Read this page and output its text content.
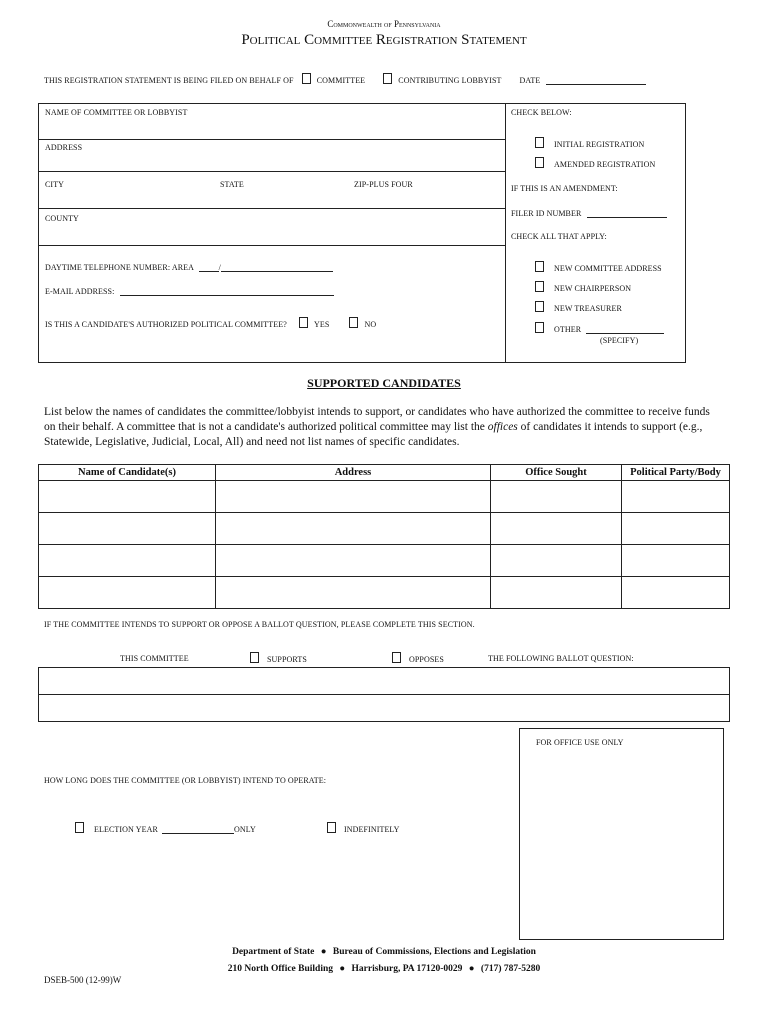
Commonwealth of Pennsylvania
Political Committee Registration Statement
THIS REGISTRATION STATEMENT IS BEING FILED ON BEHALF OF	COMMITTEE	CONTRIBUTING LOBBYIST DATE
NAME OF COMMITTEE OR LOBBYIST
ADDRESS
CITY	STATE	ZIP-PLUS FOUR
COUNTY
DAYTIME TELEPHONE NUMBER: AREA	/
E-MAIL ADDRESS:
IS THIS A CANDIDATE'S AUTHORIZED POLITICAL COMMITTEE?	YES	NO
CHECK BELOW:
INITIAL REGISTRATION
AMENDED REGISTRATION
IF THIS IS AN AMENDMENT:
FILER ID NUMBER
CHECK ALL THAT APPLY:
NEW COMMITTEE ADDRESS
NEW CHAIRPERSON
NEW TREASURER
OTHER
(SPECIFY)
SUPPORTED CANDIDATES
List below the names of candidates the committee/lobbyist intends to support, or candidates who have authorized the committee to receive funds on their behalf. A committee that is not a candidate's authorized political committee may list the offices of candidates it intends to support (e.g., Statewide, Legislative, Judicial, Local, All) and need not list names of specific candidates.
Name of Candidate(s)	Address	Office Sought	Political Party/Body

IF THE COMMITTEE INTENDS TO SUPPORT OR OPPOSE A BALLOT QUESTION, PLEASE COMPLETE THIS SECTION.
THIS COMMITTEE	SUPPORTS	OPPOSES	THE FOLLOWING BALLOT QUESTION:
HOW LONG DOES THE COMMITTEE (OR LOBBYIST) INTEND TO OPERATE:
ELECTION YEAR	ONLY	INDEFINITELY
FOR OFFICE USE ONLY
Department of State ● Bureau of Commissions, Elections and Legislation
210 North Office Building ● Harrisburg, PA 17120-0029 ● (717) 787-5280
DSEB-500 (12-99)W
